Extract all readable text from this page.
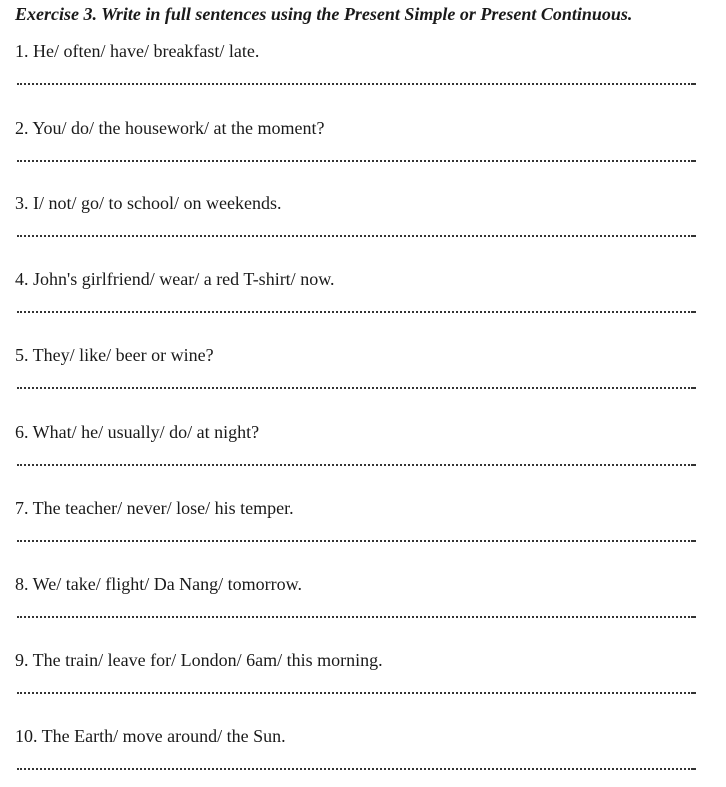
Exercise 3. Write in full sentences using the Present Simple or Present Continuous.
1. He/ often/ have/ breakfast/ late.
2. You/ do/ the housework/ at the moment?
3. I/ not/ go/ to school/ on weekends.
4. John's girlfriend/ wear/ a red T-shirt/ now.
5. They/ like/ beer or wine?
6. What/ he/ usually/ do/ at night?
7. The teacher/ never/ lose/ his temper.
8. We/ take/ flight/ Da Nang/ tomorrow.
9. The train/ leave for/ London/ 6am/ this morning.
10. The Earth/ move around/ the Sun.
